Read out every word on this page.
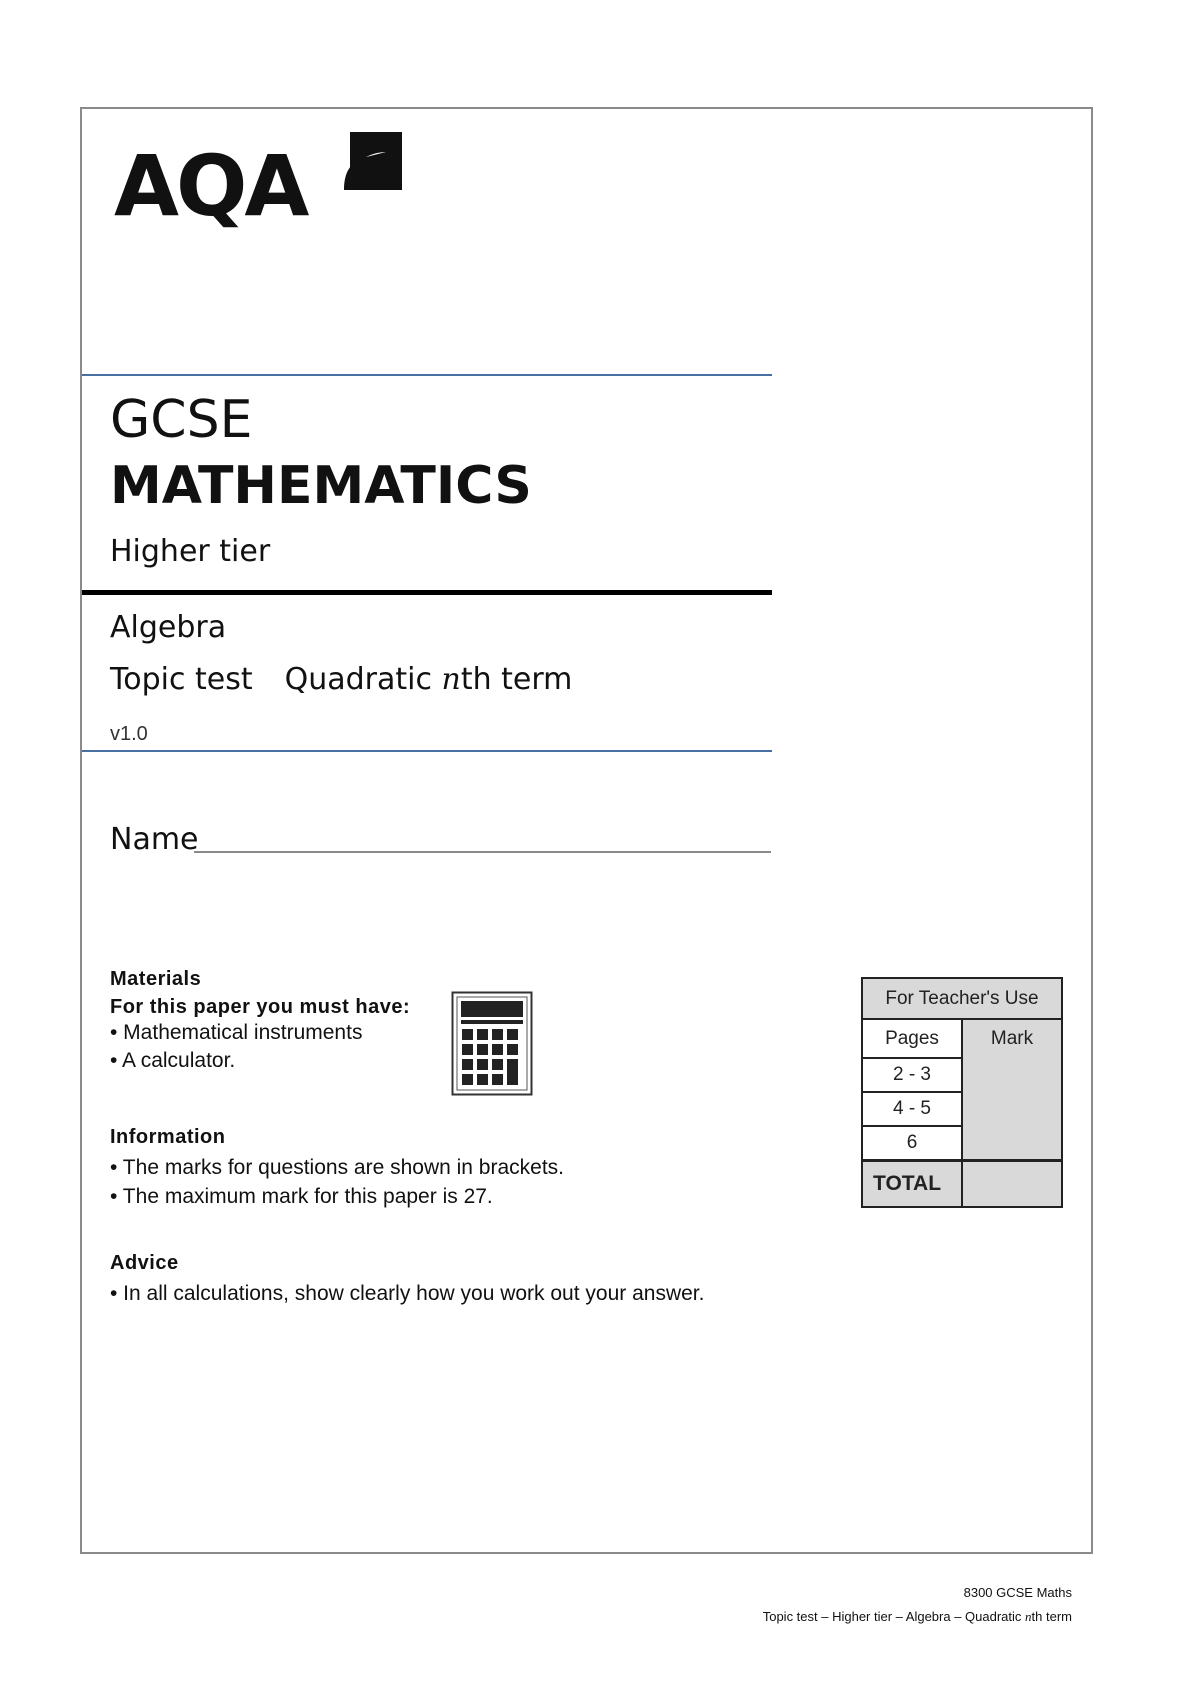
AQA
GCSE
MATHEMATICS
Higher tier
Algebra
Topic test Quadratic nth term
v1.0
Name
Materials
For this paper you must have:
• Mathematical instruments
• A calculator.
Information
• The marks for questions are shown in brackets.
• The maximum mark for this paper is 27.
Advice
• In all calculations, show clearly how you work out your answer.
For Teacher's Use	
Pages	Mark
2 - 3	
4 - 5	
6	
TOTAL	
8300 GCSE Maths
Topic test – Higher tier – Algebra – Quadratic nth term
